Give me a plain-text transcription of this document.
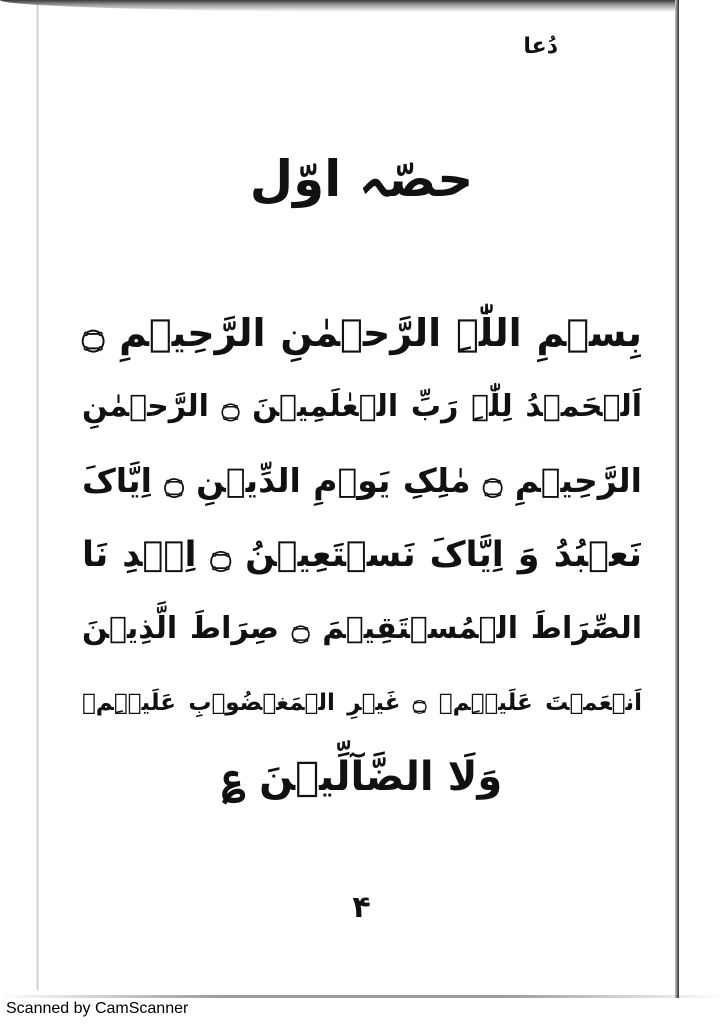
دُعا
حصّہ اوّل
بِسۡمِ اللّٰہِ الرَّحۡمٰنِ الرَّحِیۡمِ ۝
اَلۡحَمۡدُ لِلّٰہِ رَبِّ الۡعٰلَمِیۡنَ ۝ الرَّحۡمٰنِ
الرَّحِیۡمِ ۝ مٰلِکِ یَوۡمِ الدِّیۡنِ ۝ اِیَّاکَ
نَعۡبُدُ وَ اِیَّاکَ نَسۡتَعِیۡنُ ۝ اِہۡدِ نَا
الصِّرَاطَ الۡمُسۡتَقِیۡمَ ۝ صِرَاطَ الَّذِیۡنَ
اَنۡعَمۡتَ عَلَیۡہِمۡ ۝ غَیۡرِ الۡمَغۡضُوۡبِ عَلَیۡہِمۡ
وَلَا الضَّآلِّیۡنَ ؏
۴
Scanned by CamScanner
